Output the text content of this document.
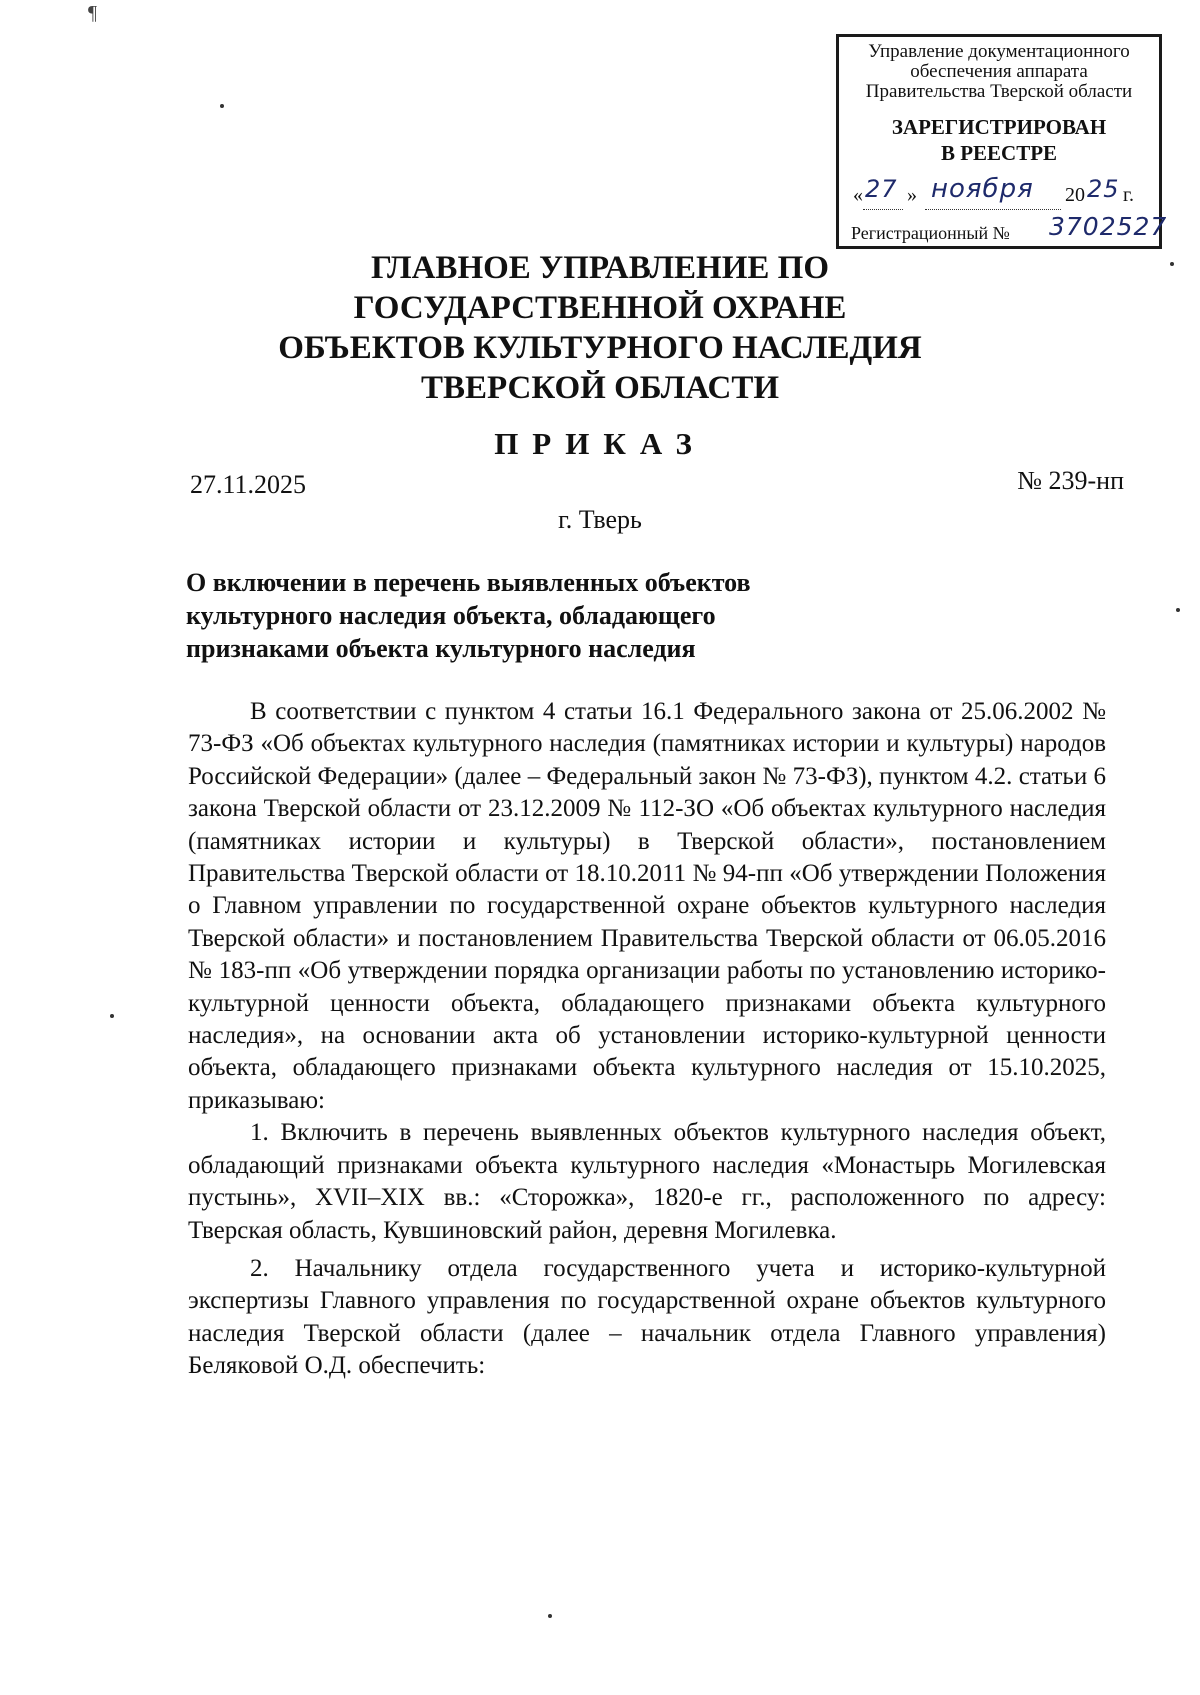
¶
Управление документационного
обеспечения аппарата
Правительства Тверской области
ЗАРЕГИСТРИРОВАН
В РЕЕСТРЕ
« 27 » ноября 20 25 г.
Регистрационный № 3702527
ГЛАВНОЕ УПРАВЛЕНИЕ ПО
ГОСУДАРСТВЕННОЙ ОХРАНЕ
ОБЪЕКТОВ КУЛЬТУРНОГО НАСЛЕДИЯ
ТВЕРСКОЙ ОБЛАСТИ
ПРИКАЗ
27.11.2025	№ 239-нп
г. Тверь
О включении в перечень выявленных объектов
культурного наследия объекта, обладающего
признаками объекта культурного наследия

В соответствии с пунктом 4 статьи 16.1 Федерального закона от 25.06.2002 № 73-ФЗ «Об объектах культурного наследия (памятниках истории и культуры) народов Российской Федерации» (далее – Федеральный закон № 73-ФЗ), пунктом 4.2. статьи 6 закона Тверской области от 23.12.2009 № 112-ЗО «Об объектах культурного наследия (памятниках истории и культуры) в Тверской области», постановлением Правительства Тверской области от 18.10.2011 № 94-пп «Об утверждении Положения о Главном управлении по государственной охране объектов культурного наследия Тверской области» и постановлением Правительства Тверской области от 06.05.2016 № 183-пп «Об утверждении порядка организации работы по установлению историко-культурной ценности объекта, обладающего признаками объекта культурного наследия», на основании акта об установлении историко-культурной ценности объекта, обладающего признаками объекта культурного наследия от 15.10.2025, приказываю:

1. Включить в перечень выявленных объектов культурного наследия объект, обладающий признаками объекта культурного наследия «Монастырь Могилевская пустынь», XVII–XIX вв.: «Сторожка», 1820-е гг., расположенного по адресу: Тверская область, Кувшиновский район, деревня Могилевка.

2. Начальнику отдела государственного учета и историко-культурной экспертизы Главного управления по государственной охране объектов культурного наследия Тверской области (далее – начальник отдела Главного управления) Беляковой О.Д. обеспечить:
